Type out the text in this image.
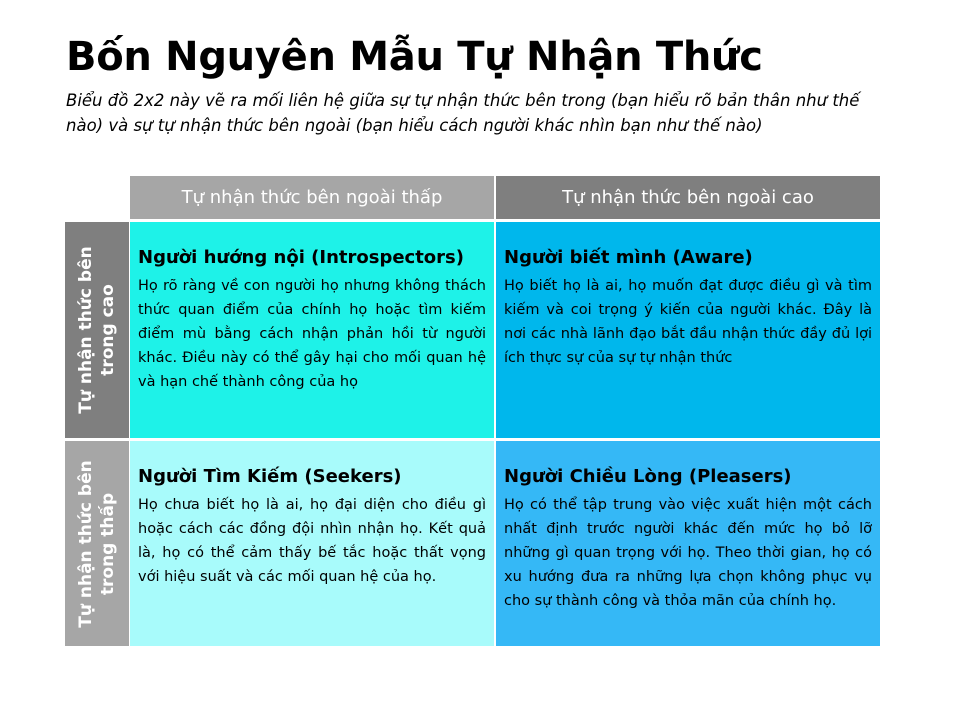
Bốn Nguyên Mẫu Tự Nhận Thức
Biểu đồ 2x2 này vẽ ra mối liên hệ giữa sự tự nhận thức bên trong (bạn hiểu rõ bản thân như thế nào) và sự tự nhận thức bên ngoài (bạn hiểu cách người khác nhìn bạn như thế nào)
Tự nhận thức bên ngoài thấp	Tự nhận thức bên ngoài cao
Tự nhận thức bên trong cao
Tự nhận thức bên trong thấp
Người hướng nội (Introspectors)

Họ rõ ràng về con người họ nhưng không thách thức quan điểm của chính họ hoặc tìm kiếm điểm mù bằng cách nhận phản hồi từ người khác. Điều này có thể gây hại cho mối quan hệ và hạn chế thành công của họ

Người biết mình (Aware)

Họ biết họ là ai, họ muốn đạt được điều gì và tìm kiếm và coi trọng ý kiến của người khác. Đây là nơi các nhà lãnh đạo bắt đầu nhận thức đầy đủ lợi ích thực sự của sự tự nhận thức

Người Tìm Kiếm (Seekers)

Họ chưa biết họ là ai, họ đại diện cho điều gì hoặc cách các đồng đội nhìn nhận họ. Kết quả là, họ có thể cảm thấy bế tắc hoặc thất vọng với hiệu suất và các mối quan hệ của họ.

Người Chiều Lòng (Pleasers)

Họ có thể tập trung vào việc xuất hiện một cách nhất định trước người khác đến mức họ bỏ lỡ những gì quan trọng với họ. Theo thời gian, họ có xu hướng đưa ra những lựa chọn không phục vụ cho sự thành công và thỏa mãn của chính họ.
